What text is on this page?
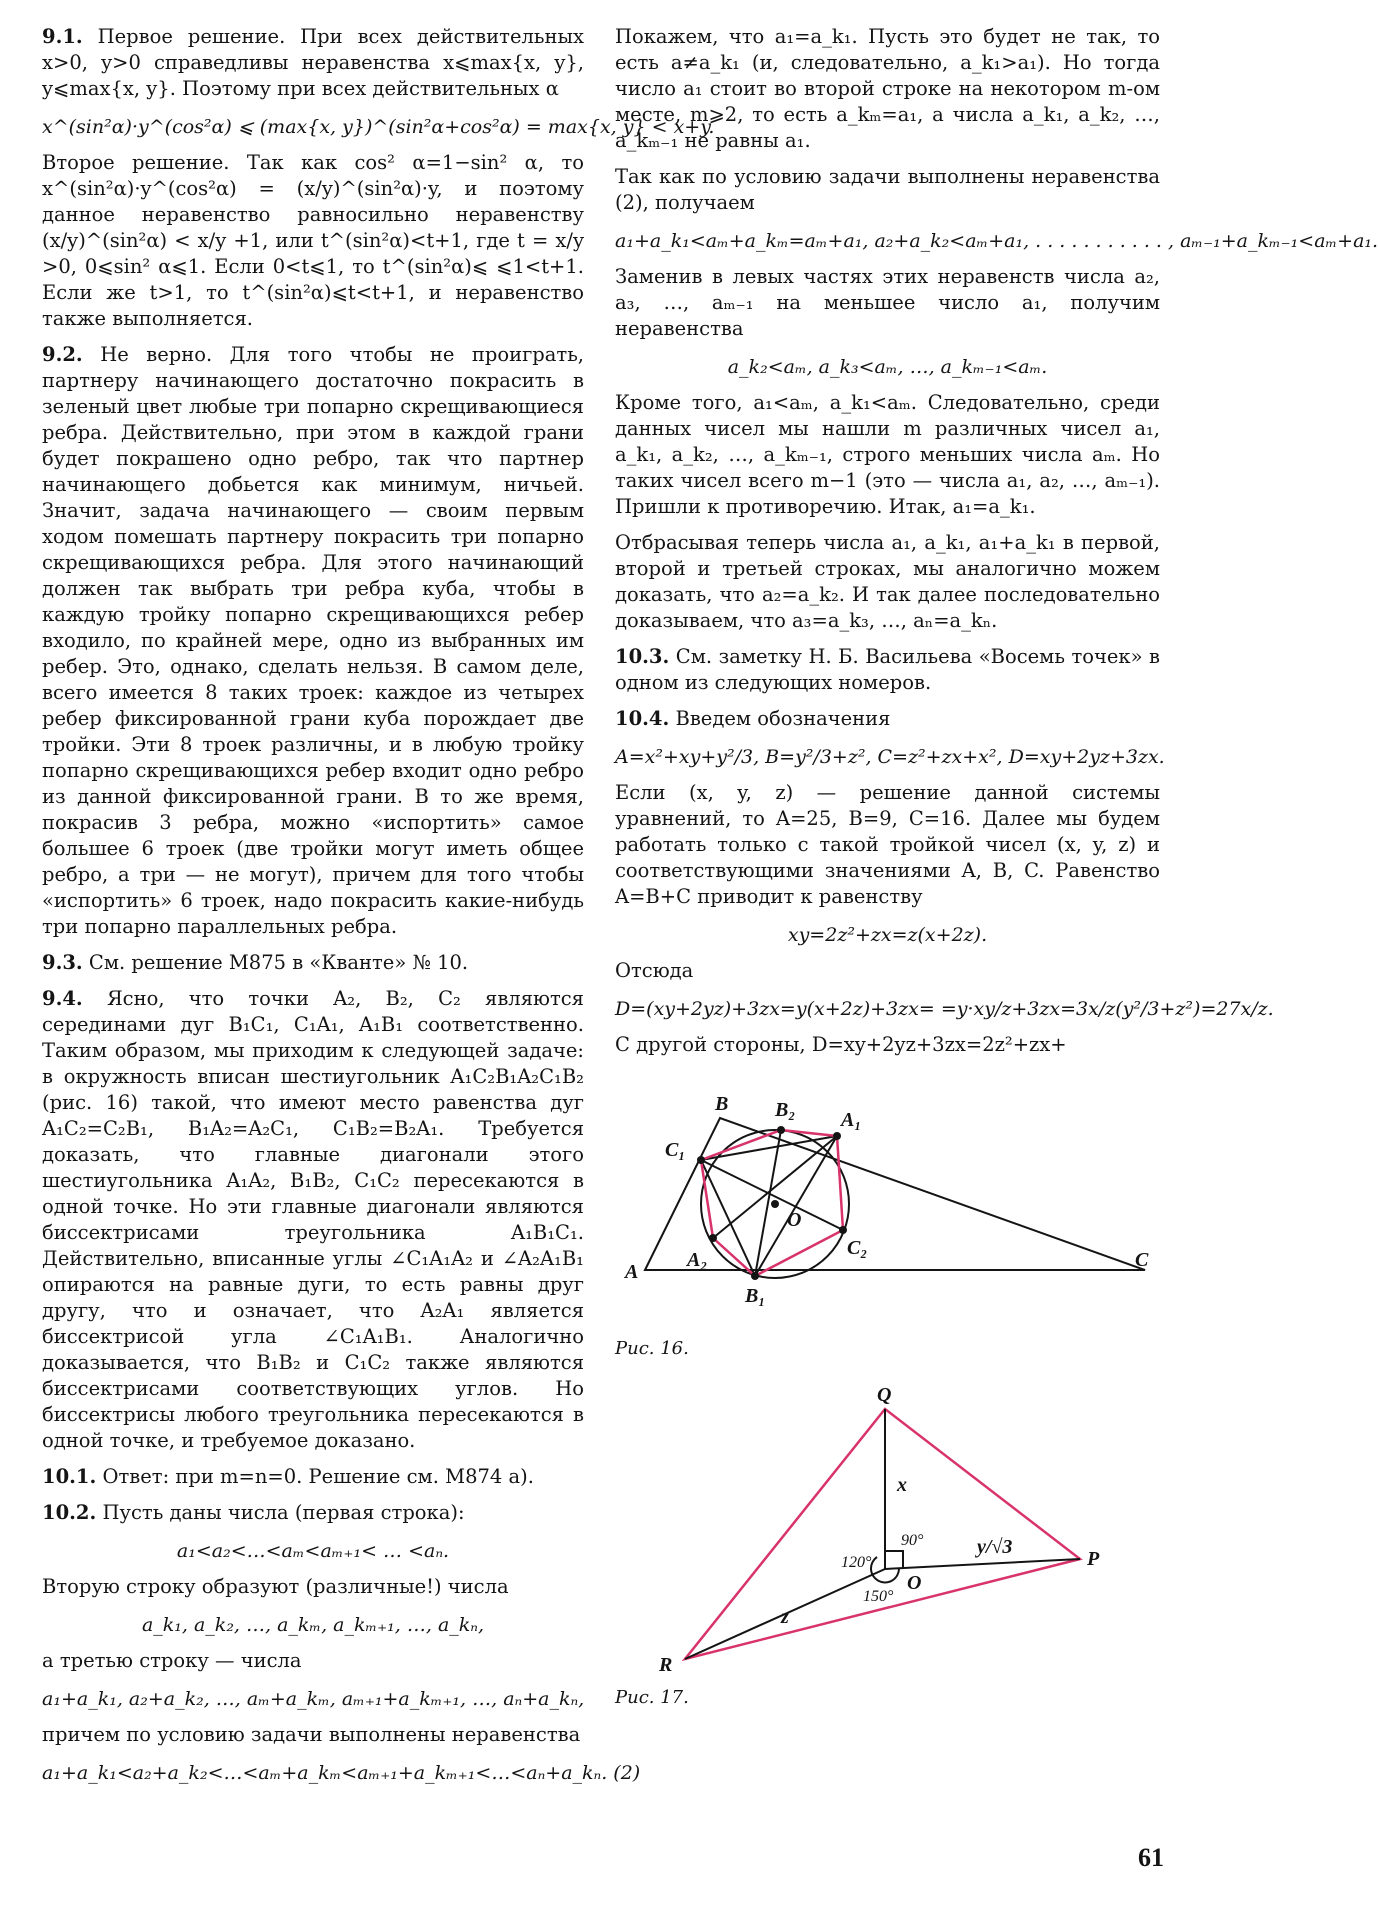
9.1. Первое решение. При всех действительных x>0, y>0 справедливы неравенства x⩽max{x, y}, y⩽max{x, y}. Поэтому при всех действительных α

x^(sin²α)·y^(cos²α) ⩽ (max{x, y})^(sin²α+cos²α) = max{x, y} < x+y.

Второе решение. Так как cos² α=1−sin² α, то x^(sin²α)·y^(cos²α) = (x/y)^(sin²α)·y, и поэтому данное неравенство равносильно неравенству (x/y)^(sin²α) < x/y +1, или t^(sin²α)<t+1, где t = x/y >0, 0⩽sin² α⩽1. Если 0<t⩽1, то t^(sin²α)⩽ ⩽1<t+1. Если же t>1, то t^(sin²α)⩽t<t+1, и неравенство также выполняется.

9.2. Не верно. Для того чтобы не проиграть, партнеру начинающего достаточно покрасить в зеленый цвет любые три попарно скрещивающиеся ребра. Действительно, при этом в каждой грани будет покрашено одно ребро, так что партнер начинающего добьется как минимум, ничьей. Значит, задача начинающего — своим первым ходом помешать партнеру покрасить три попарно скрещивающихся ребра. Для этого начинающий должен так выбрать три ребра куба, чтобы в каждую тройку попарно скрещивающихся ребер входило, по крайней мере, одно из выбранных им ребер. Это, однако, сделать нельзя. В самом деле, всего имеется 8 таких троек: каждое из четырех ребер фиксированной грани куба порождает две тройки. Эти 8 троек различны, и в любую тройку попарно скрещивающихся ребер входит одно ребро из данной фиксированной грани. В то же время, покрасив 3 ребра, можно «испортить» самое большее 6 троек (две тройки могут иметь общее ребро, а три — не могут), причем для того чтобы «испортить» 6 троек, надо покрасить какие-нибудь три попарно параллельных ребра.

9.3. См. решение М875 в «Кванте» № 10.

9.4. Ясно, что точки A₂, B₂, C₂ являются серединами дуг B₁C₁, C₁A₁, A₁B₁ соответственно. Таким образом, мы приходим к следующей задаче: в окружность вписан шестиугольник A₁C₂B₁A₂C₁B₂ (рис. 16) такой, что имеют место равенства дуг A₁C₂=C₂B₁, B₁A₂=A₂C₁, C₁B₂=B₂A₁. Требуется доказать, что главные диагонали этого шестиугольника A₁A₂, B₁B₂, C₁C₂ пересекаются в одной точке. Но эти главные диагонали являются биссектрисами треугольника A₁B₁C₁. Действительно, вписанные углы ∠C₁A₁A₂ и ∠A₂A₁B₁ опираются на равные дуги, то есть равны друг другу, что и означает, что A₂A₁ является биссектрисой угла ∠C₁A₁B₁. Аналогично доказывается, что B₁B₂ и C₁C₂ также являются биссектрисами соответствующих углов. Но биссектрисы любого треугольника пересекаются в одной точке, и требуемое доказано.

10.1. Ответ: при m=n=0. Решение см. М874 а).

10.2. Пусть даны числа (первая строка):

a₁<a₂<…<aₘ<aₘ₊₁< … <aₙ.

Вторую строку образуют (различные!) числа

a_k₁, a_k₂, …, a_kₘ, a_kₘ₊₁, …, a_kₙ,

а третью строку — числа

a₁+a_k₁, a₂+a_k₂, …, aₘ+a_kₘ, aₘ₊₁+a_kₘ₊₁, …, aₙ+a_kₙ,

причем по условию задачи выполнены неравенства

a₁+a_k₁<a₂+a_k₂<…<aₘ+a_kₘ<aₘ₊₁+a_kₘ₊₁<…<aₙ+a_kₙ. (2)

Покажем, что a₁=a_k₁. Пусть это будет не так, то есть a≠a_k₁ (и, следовательно, a_k₁>a₁). Но тогда число a₁ стоит во второй строке на некотором m-ом месте, m⩾2, то есть a_kₘ=a₁, а числа a_k₁, a_k₂, …, a_kₘ₋₁ не равны a₁.

Так как по условию задачи выполнены неравенства (2), получаем

a₁+a_k₁<aₘ+a_kₘ=aₘ+a₁, a₂+a_k₂<aₘ+a₁, . . . . . . . . . . . , aₘ₋₁+a_kₘ₋₁<aₘ+a₁.

Заменив в левых частях этих неравенств числа a₂, a₃, …, aₘ₋₁ на меньшее число a₁, получим неравенства

a_k₂<aₘ, a_k₃<aₘ, …, a_kₘ₋₁<aₘ.

Кроме того, a₁<aₘ, a_k₁<aₘ. Следовательно, среди данных чисел мы нашли m различных чисел a₁, a_k₁, a_k₂, …, a_kₘ₋₁, строго меньших числа aₘ. Но таких чисел всего m−1 (это — числа a₁, a₂, …, aₘ₋₁). Пришли к противоречию. Итак, a₁=a_k₁.

Отбрасывая теперь числа a₁, a_k₁, a₁+a_k₁ в первой, второй и третьей строках, мы аналогично можем доказать, что a₂=a_k₂. И так далее последовательно доказываем, что a₃=a_k₃, …, aₙ=a_kₙ.

10.3. См. заметку Н. Б. Васильева «Восемь точек» в одном из следующих номеров.

10.4. Введем обозначения

A=x²+xy+y²/3, B=y²/3+z², C=z²+zx+x², D=xy+2yz+3zx.

Если (x, y, z) — решение данной системы уравнений, то A=25, B=9, C=16. Далее мы будем работать только с такой тройкой чисел (x, y, z) и соответствующими значениями A, B, C. Равенство A=B+C приводит к равенству

xy=2z²+zx=z(x+2z).

Отсюда

D=(xy+2yz)+3zx=y(x+2z)+3zx= =y·xy/z+3zx=3x/z(y²/3+z²)=27x/z.

С другой стороны, D=xy+2yz+3zx=2z²+zx+

A
B
C
O
A₁
B₁
C₁
A₂
B₂
C₂
Рис. 16.
Q
P
R
O
x
y/√3
z
90°
120°
150°
Рис. 17.
61
